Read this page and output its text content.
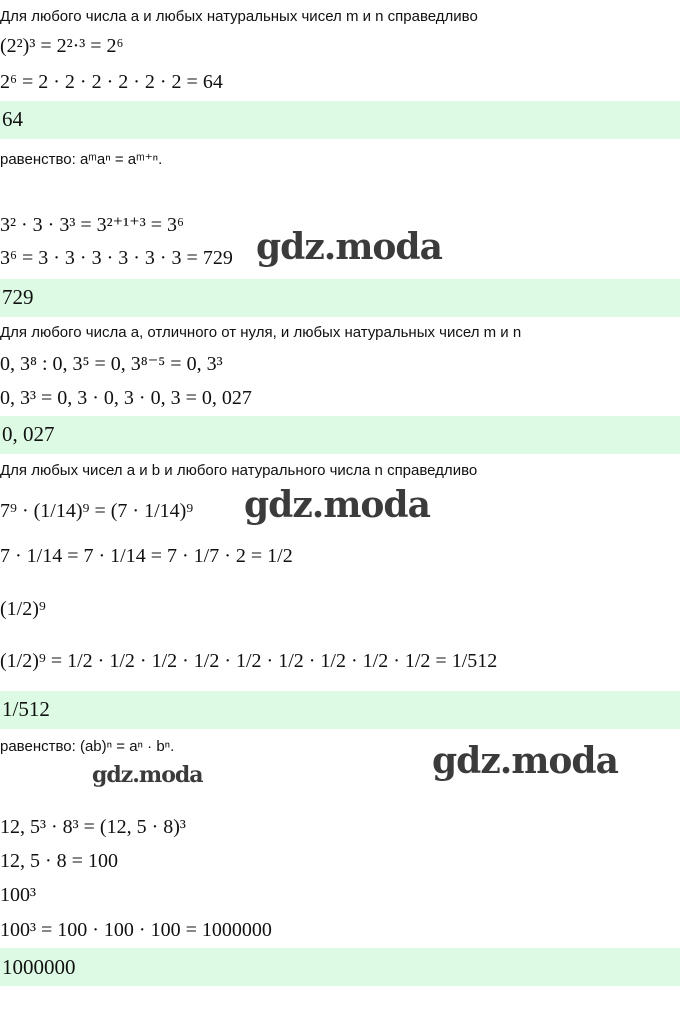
Для любого числа a и любых натуральных чисел m и n справедливо
(2²)³ = 2²·³ = 2⁶
2⁶ = 2 · 2 · 2 · 2 · 2 · 2 = 64
64
равенство: aᵐaⁿ = aᵐ⁺ⁿ.
3² · 3 · 3³ = 3²⁺¹⁺³ = 3⁶
3⁶ = 3 · 3 · 3 · 3 · 3 · 3 = 729 gdz.moda
729
Для любого числа a, отличного от нуля, и любых натуральных чисел m и n
0, 3⁸ : 0, 3⁵ = 0, 3⁸⁻⁵ = 0, 3³
0, 3³ = 0, 3 · 0, 3 · 0, 3 = 0, 027
0, 027
Для любых чисел a и b и любого натурального числа n справедливо
7⁹ · (1/14)⁹ = (7 · 1/14)⁹ gdz.moda
7 · 1/14 = 7 · 1/14 = 7 · 1/7 · 2 = 1/2
(1/2)⁹
(1/2)⁹ = 1/2 · 1/2 · 1/2 · 1/2 · 1/2 · 1/2 · 1/2 · 1/2 · 1/2 = 1/512
1/512
равенство: (ab)ⁿ = aⁿ · bⁿ.
gdz.moda	gdz.moda
12, 5³ · 8³ = (12, 5 · 8)³
12, 5 · 8 = 100
100³
100³ = 100 · 100 · 100 = 1000000
1000000
